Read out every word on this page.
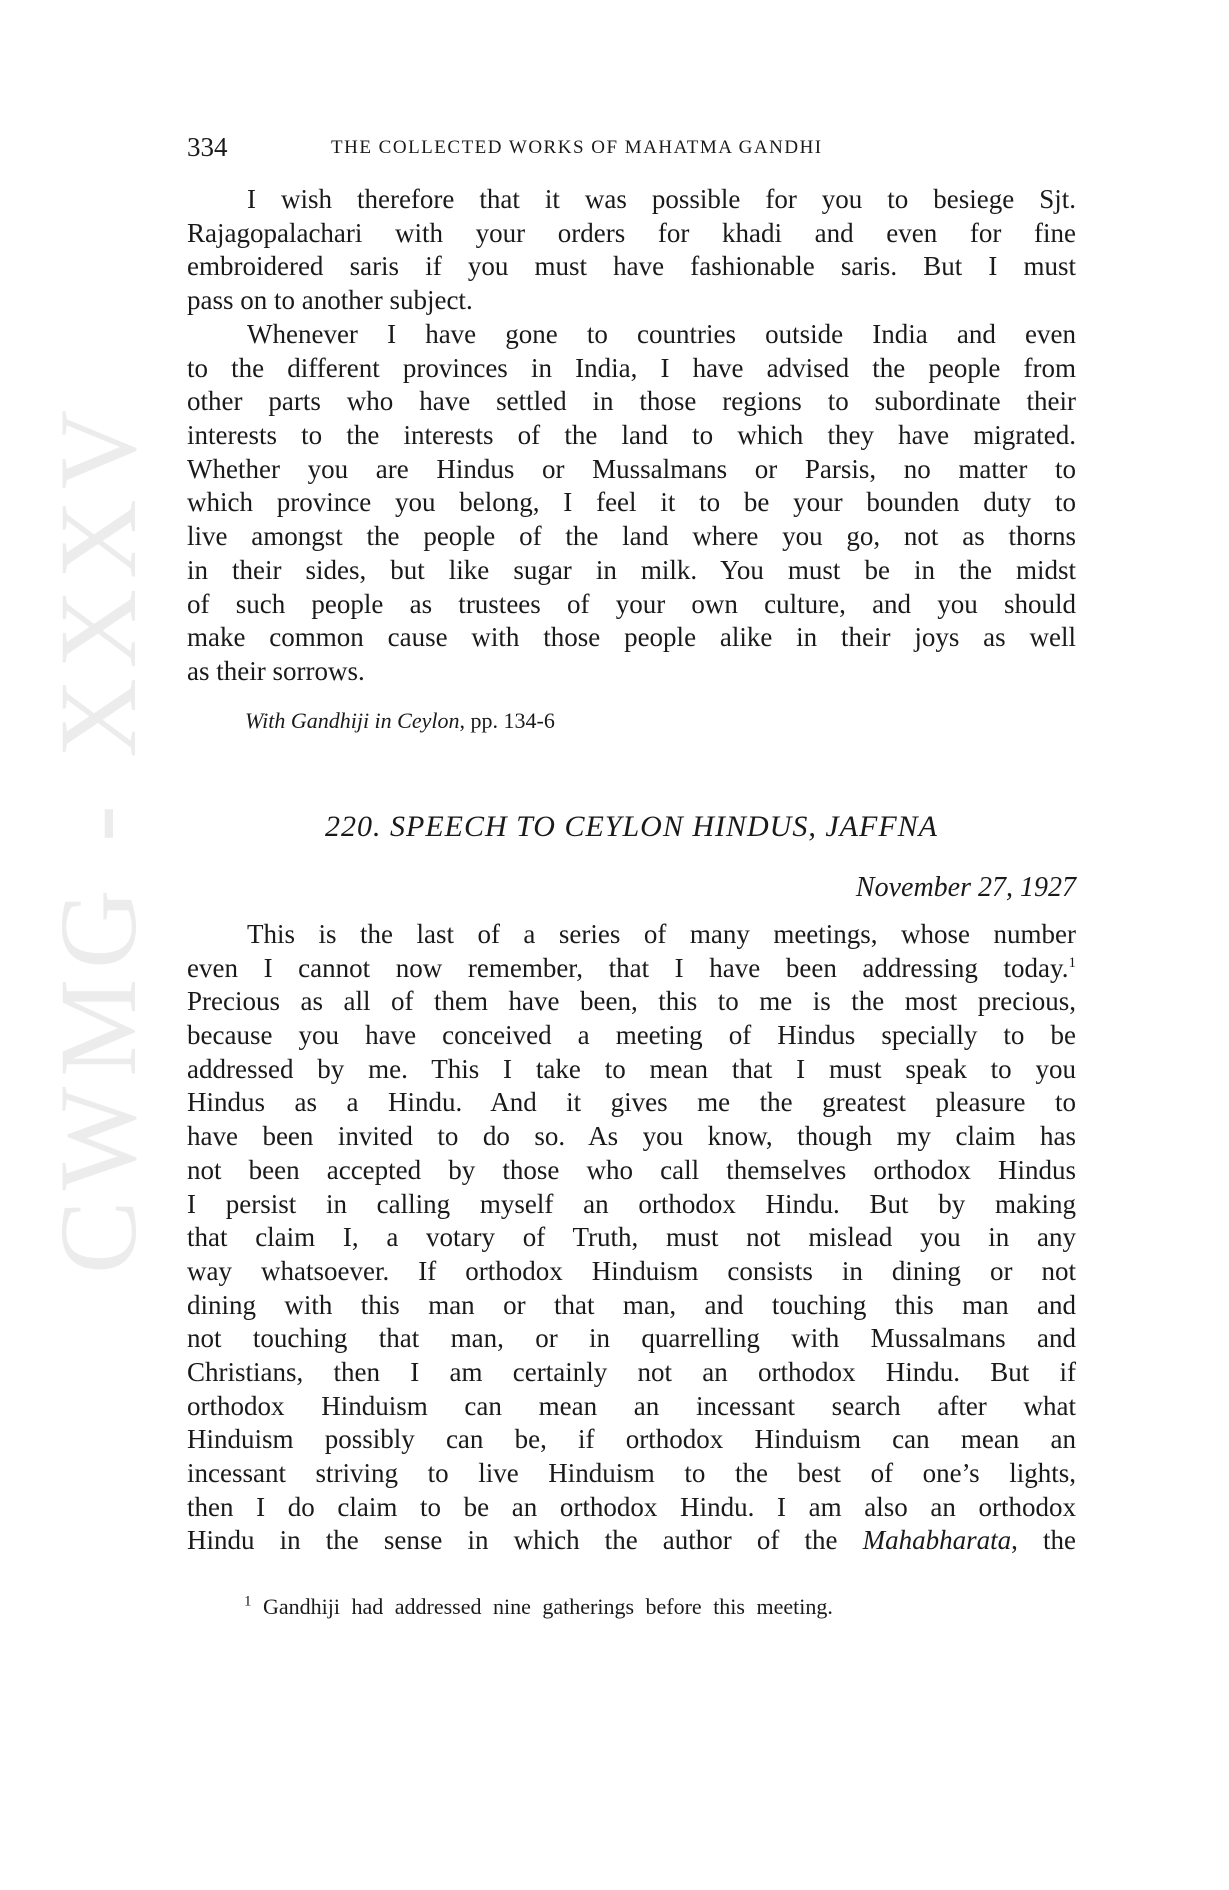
CWMG - XXXV
334	THE COLLECTED WORKS OF MAHATMA GANDHI
I wish therefore that it was possible for you to besiege Sjt.
Rajagopalachari with your orders for khadi and even for fine
embroidered saris if you must have fashionable saris. But I must
pass on to another subject.
Whenever I have gone to countries outside India and even
to the different provinces in India, I have advised the people from
other parts who have settled in those regions to subordinate their
interests to the interests of the land to which they have migrated.
Whether you are Hindus or Mussalmans or Parsis, no matter to
which province you belong, I feel it to be your bounden duty to
live amongst the people of the land where you go, not as thorns
in their sides, but like sugar in milk. You must be in the midst
of such people as trustees of your own culture, and you should
make common cause with those people alike in their joys as well
as their sorrows.
With Gandhiji in Ceylon, pp. 134-6
220. SPEECH TO CEYLON HINDUS, JAFFNA
November 27, 1927
This is the last of a series of many meetings, whose number
even I cannot now remember, that I have been addressing today.$^1$
Precious as all of them have been, this to me is the most precious,
because you have conceived a meeting of Hindus specially to be
addressed by me. This I take to mean that I must speak to you
Hindus as a Hindu. And it gives me the greatest pleasure to
have been invited to do so. As you know, though my claim has
not been accepted by those who call themselves orthodox Hindus
I persist in calling myself an orthodox Hindu. But by making
that claim I, a votary of Truth, must not mislead you in any
way whatsoever. If orthodox Hinduism consists in dining or not
dining with this man or that man, and touching this man and
not touching that man, or in quarrelling with Mussalmans and
Christians, then I am certainly not an orthodox Hindu. But if
orthodox Hinduism can mean an incessant search after what
Hinduism possibly can be, if orthodox Hinduism can mean an
incessant striving to live Hinduism to the best of one’s lights,
then I do claim to be an orthodox Hindu. I am also an orthodox
Hindu in the sense in which the author of the Mahabharata, the
$^1$ Gandhiji had addressed nine gatherings before this meeting.
